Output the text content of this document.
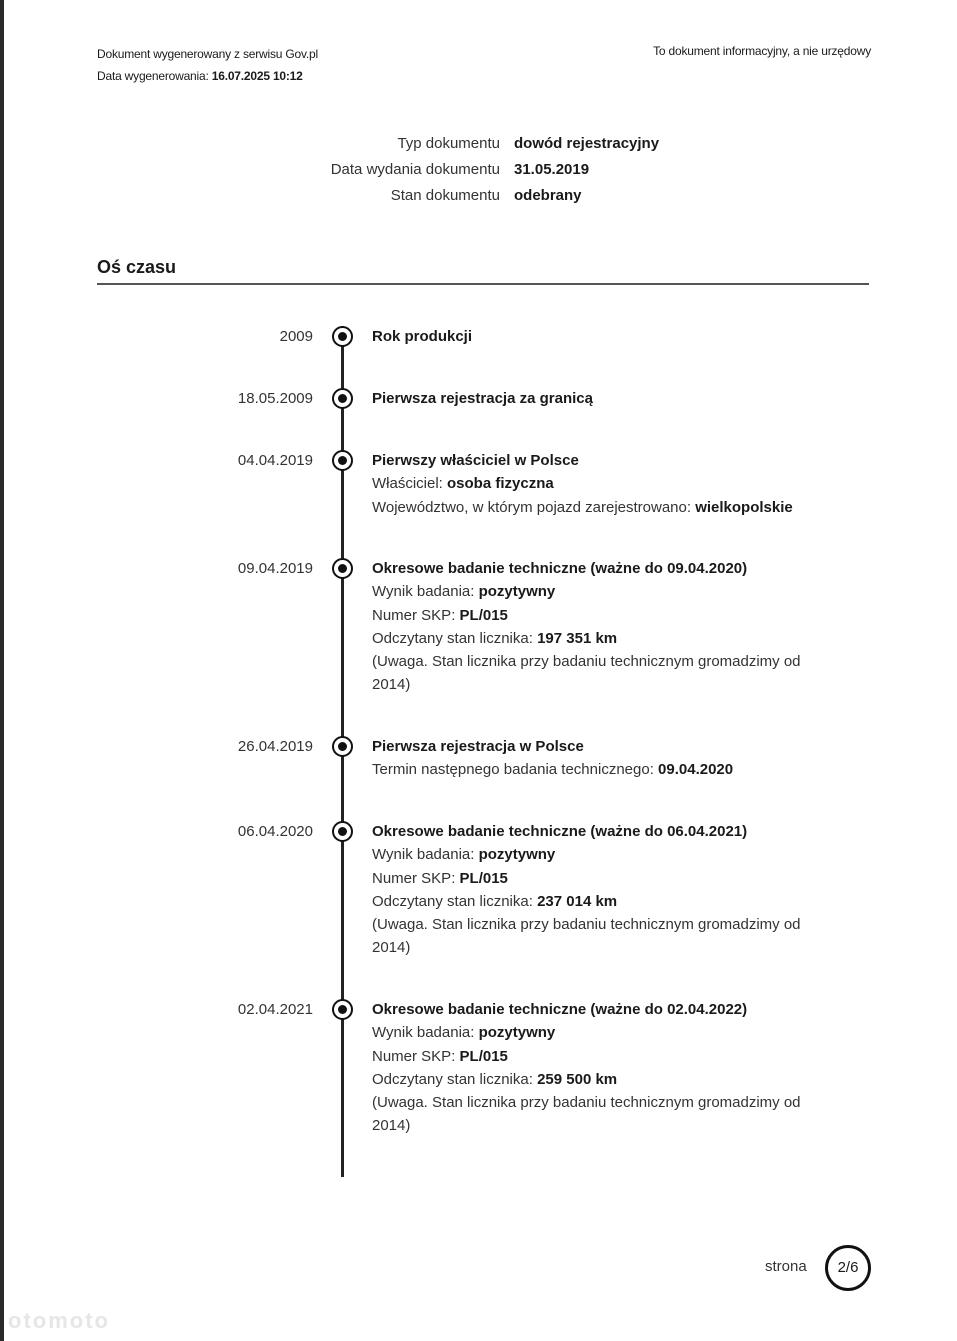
Dokument wygenerowany z serwisu Gov.pl
Data wygenerowania: 16.07.2025 10:12
To dokument informacyjny, a nie urzędowy
Typ dokumentu dowód rejestracyjny
Data wydania dokumentu 31.05.2019
Stan dokumentu odebrany
Oś czasu
2009	Rok produkcji
18.05.2009	Pierwsza rejestracja za granicą
04.04.2019	Pierwszy właściciel w Polsce
Właściciel: osoba fizyczna
Województwo, w którym pojazd zarejestrowano: wielkopolskie
09.04.2019	Okresowe badanie techniczne (ważne do 09.04.2020)
Wynik badania: pozytywny
Numer SKP: PL/015
Odczytany stan licznika: 197 351 km
(Uwaga. Stan licznika przy badaniu technicznym gromadzimy od 2014)
26.04.2019	Pierwsza rejestracja w Polsce
Termin następnego badania technicznego: 09.04.2020
06.04.2020	Okresowe badanie techniczne (ważne do 06.04.2021)
Wynik badania: pozytywny
Numer SKP: PL/015
Odczytany stan licznika: 237 014 km
(Uwaga. Stan licznika przy badaniu technicznym gromadzimy od 2014)
02.04.2021	Okresowe badanie techniczne (ważne do 02.04.2022)
Wynik badania: pozytywny
Numer SKP: PL/015
Odczytany stan licznika: 259 500 km
(Uwaga. Stan licznika przy badaniu technicznym gromadzimy od 2014)
strona	2/6
otomoto
